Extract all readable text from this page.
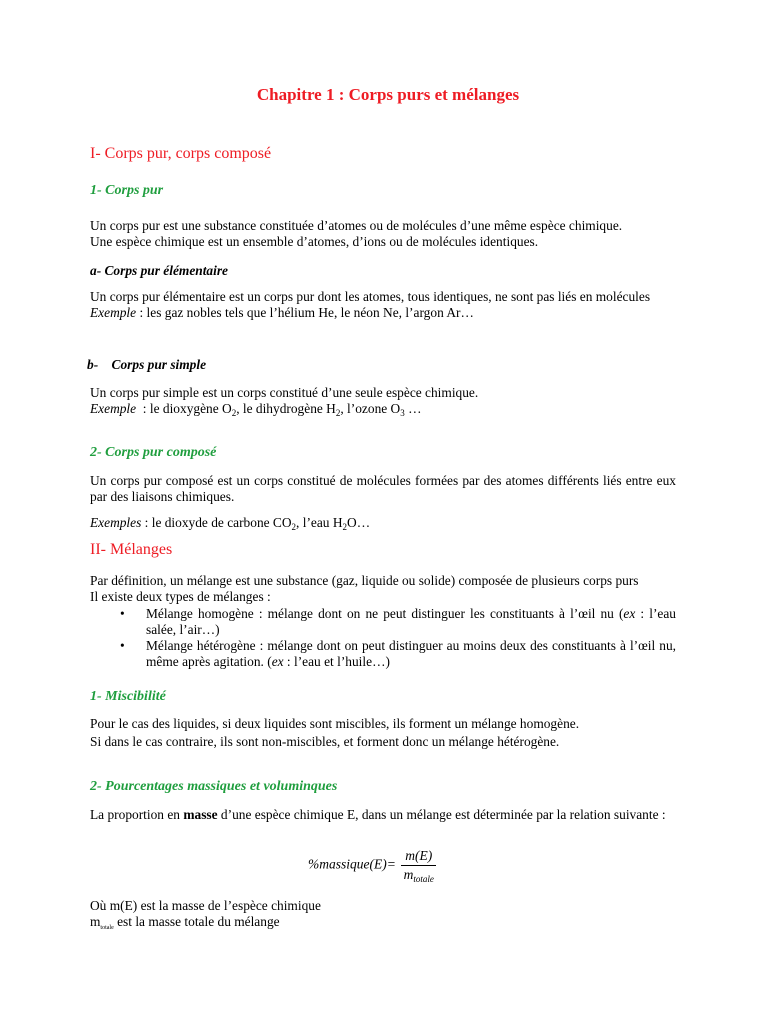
Chapitre 1 : Corps purs et mélanges
I- Corps pur, corps composé
1- Corps pur
Un corps pur est une substance constituée d’atomes ou de molécules d’une même espèce chimique.
Une espèce chimique est un ensemble d’atomes, d’ions ou de molécules identiques.
a- Corps pur élémentaire
Un corps pur élémentaire est un corps pur dont les atomes, tous identiques, ne sont pas liés en molécules
Exemple : les gaz nobles tels que l’hélium He, le néon Ne, l’argon Ar…
b-    Corps pur simple
Un corps pur simple est un corps constitué d’une seule espèce chimique.
Exemple  : le dioxygène $O_2$, le dihydrogène $H_2$, l’ozone $O_3$ …
2- Corps pur composé
Un corps pur composé est un corps constitué de molécules formées par des atomes différents liés entre eux par des liaisons chimiques.
Exemples : le dioxyde de carbone $CO_2$, l’eau $H_2O\dots$
II- Mélanges
Par définition, un mélange est une substance (gaz, liquide ou solide) composée de plusieurs corps purs
Il existe deux types de mélanges :
• Mélange homogène : mélange dont on ne peut distinguer les constituants à l’œil nu (ex : l’eau salée, l’air…)
• Mélange hétérogène : mélange dont on peut distinguer au moins deux des constituants à l’œil nu, même après agitation. (ex : l’eau et l’huile…)
1- Miscibilité
Pour le cas des liquides, si deux liquides sont miscibles, ils forment un mélange homogène.
Si dans le cas contraire, ils sont non-miscibles, et forment donc un mélange hétérogène.
2- Pourcentages massiques et voluminques
La proportion en masse d’une espèce chimique E, dans un mélange est déterminée par la relation suivante :
%massique(E)= $\frac{m(E)}{m_{totale}}$
Où m(E) est la masse de l’espèce chimique
$m_{totale}$ est la masse totale du mélange
